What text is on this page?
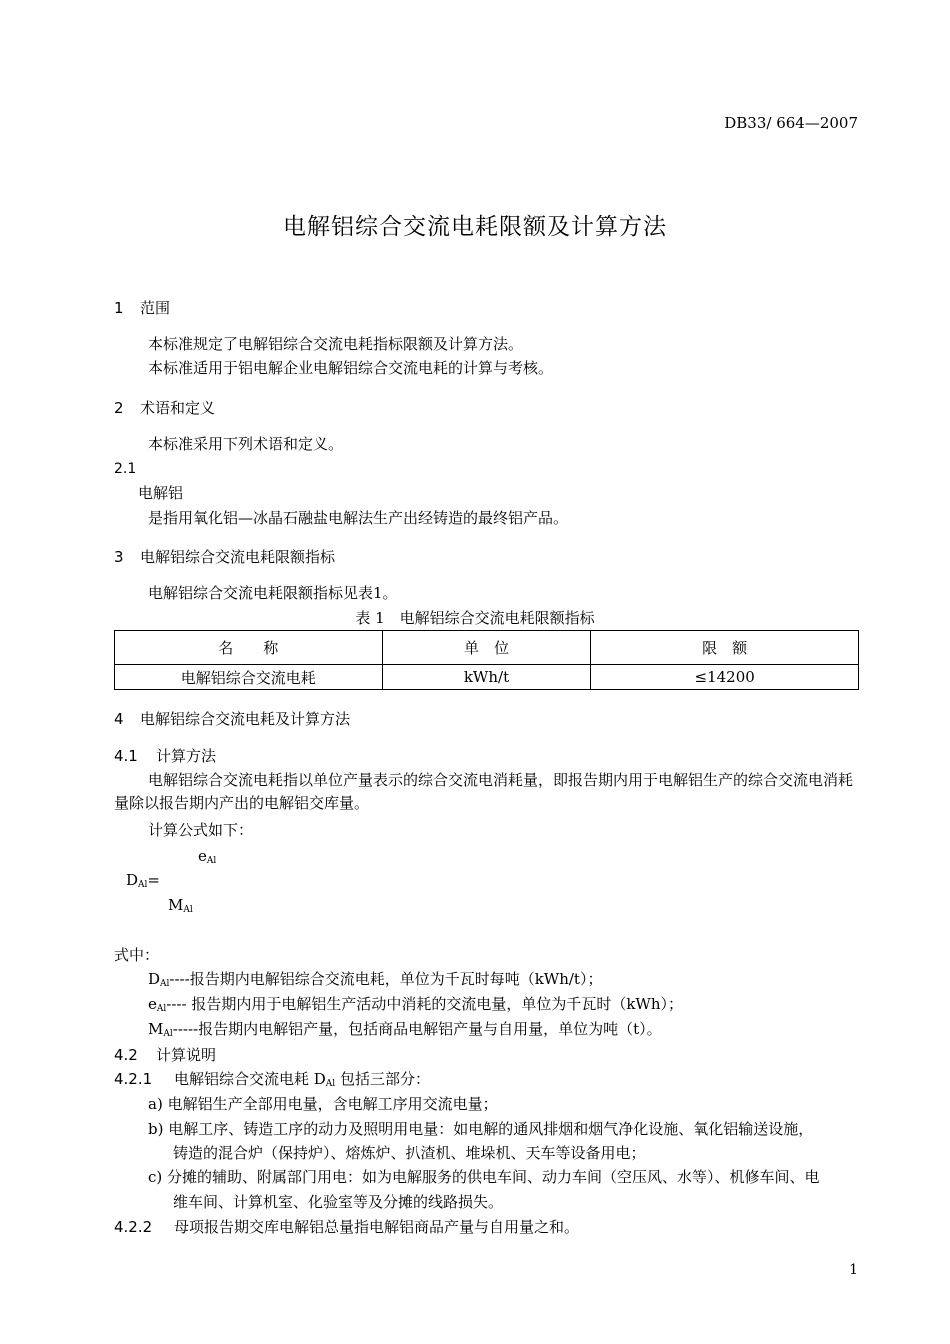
DB33/ 664—2007
电解铝综合交流电耗限额及计算方法
1 范围
本标准规定了电解铝综合交流电耗指标限额及计算方法。
本标准适用于铝电解企业电解铝综合交流电耗的计算与考核。
2 术语和定义
本标准采用下列术语和定义。
2.1
电解铝
是指用氧化铝—冰晶石融盐电解法生产出经铸造的最终铝产品。
3 电解铝综合交流电耗限额指标
电解铝综合交流电耗限额指标见表1。
表 1　电解铝综合交流电耗限额指标
名　　称	单　位	限　额
电解铝综合交流电耗	kWh/t	≤14200
4 电解铝综合交流电耗及计算方法
4.1 计算方法
电解铝综合交流电耗指以单位产量表示的综合交流电消耗量，即报告期内用于电解铝生产的综合交流电消耗量除以报告期内产出的电解铝交库量。
计算公式如下：
$e_{Al}$
$D_{Al}=$
$M_{Al}$
式中：
$D_{Al}----$报告期内电解铝综合交流电耗，单位为千瓦时每吨（kWh/t）；
$e_{Al}----$ 报告期内用于电解铝生产活动中消耗的交流电量，单位为千瓦时（kWh）；
$M_{Al}-----$报告期内电解铝产量，包括商品电解铝产量与自用量，单位为吨（t）。
4.2 计算说明
4.2.1 电解铝综合交流电耗 $D_{Al}$ 包括三部分：
a) 电解铝生产全部用电量，含电解工序用交流电量；
b) 电解工序、铸造工序的动力及照明用电量：如电解的通风排烟和烟气净化设施、氧化铝输送设施，
铸造的混合炉（保持炉）、熔炼炉、扒渣机、堆垛机、天车等设备用电；
c) 分摊的辅助、附属部门用电：如为电解服务的供电车间、动力车间（空压风、水等）、机修车间、电
维车间、计算机室、化验室等及分摊的线路损失。
4.2.2 母项报告期交库电解铝总量指电解铝商品产量与自用量之和。
1
